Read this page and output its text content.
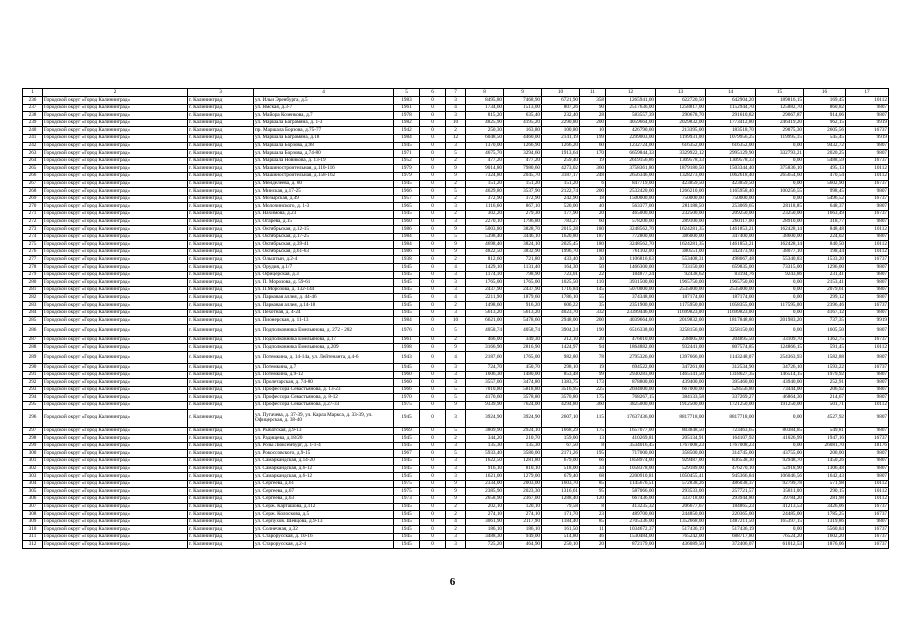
1	2	3	4	5	6	7	8	9	10	11	12	13	14	15	16	17
236	Городской округ «Город Калининград»	г. Калининград	ул. Ильи Эренбурга, д.5	1983	0	3	8495,80	7468,90	6721,90	358	1265941,00	622720,50	642904,20	189816,15	169,45	10112
237	Городской округ «Город Калининград»	г. Калининград	ул. Ямская, д.3-7	1961	0	4	1734,60	1513,00	807,26	90	2517636,00	1258817,00	1152944,70	125882,70	860,82	9807
238	Городской округ «Город Калининград»	г. Калининград	ул. Майора Козенкова, д.7	1978	0	3	815,20	635,40	232,40	28	583557,39	290678,70	291610,82	29067,87	914,06	9807
239	Городской округ «Город Калининград»	г. Калининград	ул. Маршала Баграмяна, д. 1-3	1982	0	10	4825,90	4195,20	2290,80	200	4059664,00	2029832,00	1773412,80	246419,20	962,15	9919
240	Городской округ «Город Калининград»	г. Калининград	пр. Маршала Борзова, д.75-77	1942	0	2	250,30	163,80	100,80	10	426790,00	213395,00	183518,70	29875,30	2605,56	16737
241	Городской округ «Город Калининград»	г. Калининград	ул. Маршала Баграмяна, д.18	1984	0	12	6048,50	4460,00	2141,19	199	2299003,00	1199931,00	1079956,25	119995,15	545,45	9919
242	Городской округ «Город Калининград»	г. Калининград	ул. Маршала Борзова, д.98	1945	0	3	1370,00	1266,90	1266,20	60	1232724,00	616352,00	616352,00	0,00	9432,72	9807
263	Городской округ «Город Калининград»	г. Калининград	ул. Маршала Борзова, д.74-80	1971	0	5	4675,70	3294,60	1913,64	170	6659844,33	3329922,12	2995129,90	332793,21	2020,25	9807
264	Городской округ «Город Калининград»	г. Калининград	ул. Маршала Новикова, д. 13-19	1952	0	2	477,20	477,20	259,40	19	2619156,86	1309578,33	1309578,33	0,00	5488,59	16737
265	Городской округ «Город Калининград»	г. Калининград	ул. Машиностроительная, д.110-116	1979	0	9	9014,80	7980,60	4273,02	360	3758361,80	1879180,50	1503344,40	375836,10	495,13	10112
266	Городской округ «Город Калининград»	г. Калининград	ул. Машиностроительная, д.158-162	1979	0	9	7324,80	2045,70	3187,17	248	2656346,00	1328273,00	1062618,40	265654,60	470,54	10112
267	Городской округ «Город Калининград»	г. Калининград	ул. Менделеева, д. 80	1945	0	2	151,20	151,20	151,20	6	847719,00	423859,50	423859,50	0,00	5602,90	16737
268	Городской округ «Город Калининград»	г. Калининград	ул. Минская, д.17-25	1966	0	5	4629,80	3537,90	2122,74	200	2532420,00	1266210,00	1165958,40	100256,55	998,45	9807
269	Городской округ «Город Калининград»	г. Калининград	ул. Мозырская, д.49	1957	0	2	372,90	372,90	242,90	18	1500000,00	750000,00	750000,00	0,00	5496,52	16737
270	Городской округ «Город Калининград»	г. Калининград	ул. Молочинского, д. 1-3	1965	0	3	1116,60	867,10	520,00	40	563377,00	281188,50	253069,65	28118,85	648,37	9807
271	Городской округ «Город Калининград»	г. Калининград	ул. Нахимова, д.23	1945	0	2	302,20	279,30	177,90	20	465000,00	232500,00	209250,00	23250,00	1663,49	16737
272	Городской округ «Город Калининград»	г. Калининград	ул. Огарева, д.15	1960	0	3	2270,10	1796,80	783,27	60	578200,00	289100,00	260117,00	28910,00	318,77	9807
273	Городской округ «Город Калининград»	г. Калининград	ул. Октябрьская, д.12-15	1986	0	9	5003,80	3828,70	2015,28	180	3248562,70	1624281,35	1461853,21	162428,14	848,48	10112
274	Городской округ «Город Калининград»	г. Калининград	ул. Октябрьская, д.17-25	1984	0	5	5398,40	3446,10	1620,80	187	772800,00	386000,00	347400,00	38600,00	224,02	9807
275	Городской округ «Город Калининград»	г. Калининград	ул. Октябрьская, д.39-41	1984	0	9	4698,40	3824,10	2025,45	180	3248562,70	1624281,35	1461853,21	162428,14	840,50	10112
276	Городской округ «Город Калининград»	г. Калининград	ул. Октябрьская, д.61-63	1986	0	9	4822,50	3832,90	1996,70	180	761102,00	380551,00	342473,90	38077,10	198,44	10112
277	Городской округ «Город Калининград»	г. Калининград	ул. Ольштын, д.2-4	1938	0	2	812,60	721,80	433,40	30	1106816,63	553408,31	498067,48	55340,83	1533,20	16737
278	Городской округ «Город Калининград»	г. Калининград	ул. Орудия, д.1/7	1945	0	4	1429,10	1131,40	164,30	50	1466300,00	733150,00	659835,00	73315,00	1296,00	9807
279	Городской округ «Город Калининград»	г. Калининград	ул. Офицерская, д.3	1945	0	3	1174,10	798,90	723,01	22	184877,24	92438,62	83194,76	9243,86	231,41	9807
280	Городской округ «Город Калининград»	г. Калининград	ул. П. Морозова, д. 59-61	1945	0	3	1765,00	1765,00	1025,50	110	3931500,00	1965750,00	1965750,00	0,00	2153,41	9807
281	Городской округ «Город Калининград»	г. Калининград	ул. П.Морозова, д. 132-144	1945	0	3	2437,90	2437,90	1716,84	145	5070000,00	2535000,00	2535000,00	0,00	2079,61	9807
282	Городской округ «Город Калининград»	г. Калининград	ул. Парковая аллея, д. 44-46	1945	0	4	2211,90	1879,60	1786,10	55	374348,00	187174,00	187174,00	0,00	299,12	9807
283	Городской округ «Город Калининград»	г. Калининград	ул. Парковая аллея, д.14-18	1945	0	2	1498,60	916,20	606,22	35	2351900,00	1175950,00	1058355,00	117595,00	2396,46	16737
284	Городской округ «Город Калининград»	г. Калининград	ул. Пехотная, д. 4-24	1945	0	3	5613,20	5613,20	4023,70	332	23399446,00	11699823,00	11699823,00	0,00	4167,12	9807
285	Городской округ «Город Калининград»	г. Калининград	ул. Пионерская, д. 11-13	1984	0	10	6621,00	5478,60	2948,00	200	4039664,00	2019832,00	1817848,80	201983,20	737,35	9919
286	Городской округ «Город Калининград»	г. Калининград	ул. Подполковника Емельянова, д. 272 - 282	1976	0	5	4058,74	4058,74	3904,24	190	6516338,00	3258156,00	3258150,00	0,00	1605,50	9807
287	Городской округ «Город Калининград»	г. Калининград	ул. Подполковника Емельянова, д.17	1961	0	2	466,00	349,30	212,10	20	476010,00	238005,00	204895,50	33109,70	1362,75	16737
288	Городской округ «Город Калининград»	г. Калининград	ул. Подполковника Емельянова, д.209	1998	0	9	3166,90	2816,90	1424,97	94	1864882,00	932441,00	807574,85	124866,15	591,45	10112
289	Городской округ «Город Калининград»	г. Калининград	ул. Потемкина, д. 14-14а, ул. Лейтенанта, д.4-6	1943	0	4	2187,60	1765,00	982,80	78	2795326,00	1397666,00	1143248,07	254363,93	1582,88	9807
290	Городской округ «Город Калининград»	г. Калининград	ул. Потемкина, д.7	1945	0	3	724,70	450,70	298,10	19	694522,00	347261,00	312534,90	34726,10	1593,22	16737
291	Городской округ «Город Калининград»	г. Калининград	ул. Потемкина, д.9-12	1960	0	3	1606,30	1480,00	853,48	99	2930283,00	1465141,50	1318627,35	146514,15	1979,92	9807
292	Городской округ «Город Калининград»	г. Калининград	ул. Пролетарская, д. 74-80	1960	0	3	3557,00	3474,80	1383,75	173	878800,00	439400,00	395460,00	43940,00	252,91	9807
293	Городской округ «Город Калининград»	г. Калининград	ул. Профессора Севастьянова, д. 13-23	1966	0	5	7010,80	5818,80	3516,95	225	2694000,00	667000,00	528556,80	73444,00	206,92	9807
294	Городской округ «Город Калининград»	г. Калининград	ул. Профессора Севастьянова, д. 8-12	1970	0	5	4170,60	3578,80	3570,80	175	768267,15	384133,58	337269,27	46864,30	214,67	9807
295	Городской округ «Город Калининград»	г. Калининград	ул. Профессора Севастьянова, д.27-33	1975	0	9	9339,90	7624,00	4294,80	360	3825000,00	1912500,00	1721250,00	191250,00	501,71	10112
296	Городской округ «Город Калининград»	г. Калининград	ул. Пугачева, д. 37-39, ул. Карла Маркса, д. 33-39, ул. Офицерская, д. 38-40	1945	0	3	3924,90	3924,90	2607,10	115	17637436,00	8817718,00	8817718,00	0,00	4527,92	9807
297	Городской округ «Город Калининград»	г. Калининград	ул. Рыбатская, д.9-13	1969	0	5	3809,90	2924,10	1668,29	175	1657077,00	803848,50	723463,65	80384,85	549,81	9807
298	Городской округ «Город Калининград»	г. Калининград	ул. Радищева, д.18/20	1945	0	2	344,20	210,70	159,00	13	410269,81	205134,91	164107,92	41026,99	1947,16	16737
299	Городской округ «Город Калининград»	г. Калининград	ул. Розы Люксембург, д. 1-1-4	1945	0	3	135,30	135,30	67,50	8	3534016,45	1767008,23	1767008,23	0,00	26081,70	18176
300	Городской округ «Город Калининград»	г. Калининград	ул. Рокоссовского, д.9-15	1967	0	5	5933,40	3580,00	2171,26	195	717000,00	358500,00	314745,00	43755,00	200,00	9807
301	Городской округ «Город Калининград»	г. Калининград	ул. Самаркандская, д.14-20	1945	0	3	1622,50	1281,80	679,00	66	1858974,00	929487,00	836538,30	92948,70	1450,26	9807
302	Городской округ «Город Калининград»	г. Калининград	ул. Самаркандская, д.6-12	1945	0	3	916,10	810,10	518,00	34	1058378,00	529189,00	476270,10	52918,90	1306,48	9807
303	Городской округ «Город Калининград»	г. Калининград	ул. Самаркандская, д.6-12	1945	0	3	1621,00	1279,00	679,40	68	2200910,81	1050455,41	945366,84	106046,56	1642,43	9807
304	Городской округ «Город Калининград»	г. Калининград	ул. Сергеева, д.61	1975	0	9	2334,00	2003,00	1603,70	85	1145676,51	572838,26	486038,37	92799,78	571,98	10112
305	Городской округ «Город Калининград»	г. Калининград	ул. Сергеева, д.67	1975	0	9	2385,90	2023,30	1316,61	95	587066,00	293533,00	257721,57	35811,00	290,15	10112
306	Городской округ «Город Калининград»	г. Калининград	ул. Сергеева, д.63	1973	0	9	2658,90	2367,00	1288,40	120	667436,00	333718,00	293944,80	39784,20	281,98	10112
307	Городской округ «Город Калининград»	г. Калининград	ул. Серж. Карташова, д.112	1945	0	2	202,10	120,10	79,58	8	413235,32	206677,67	184865,23	41213,53	3426,06	16737
308	Городской округ «Город Калининград»	г. Калининград	ул. Серж. Колоскова, д.5	1945	0	2	274,10	274,10	171,70	23	489700,00	244850,00	220365,00	24485,00	1785,25	16737
309	Городской округ «Город Калининград»	г. Калининград	ул. Серпухов. Шевцова, д.9-13	1945	0	4	3061,90	2117,90	1184,40	85	2705336,00	1352668,00	1487211,50	165397,15	1319,86	9807
310	Городской округ «Город Калининград»	г. Калининград	ул. Солнечная, д.32	1945	0	2	186,10	186,10	161,50	11	1034672,37	517436,19	517436,19	0,00	5560,84	16737
311	Городской округ «Город Калининград»	г. Калининград	ул. Старорусская, д. 10-16	1945	0	3	3488,30	949,00	514,80	46	1530484,00	765242,00	688717,80	76524,20	1602,20	16737
312	Городской округ «Город Калининград»	г. Калининград	ул. Старорусская, д.2-4	1945	0	3	725,20	464,90	250,10	20	872179,00	436089,50	372406,07	61012,53	1876,06	16737
6
